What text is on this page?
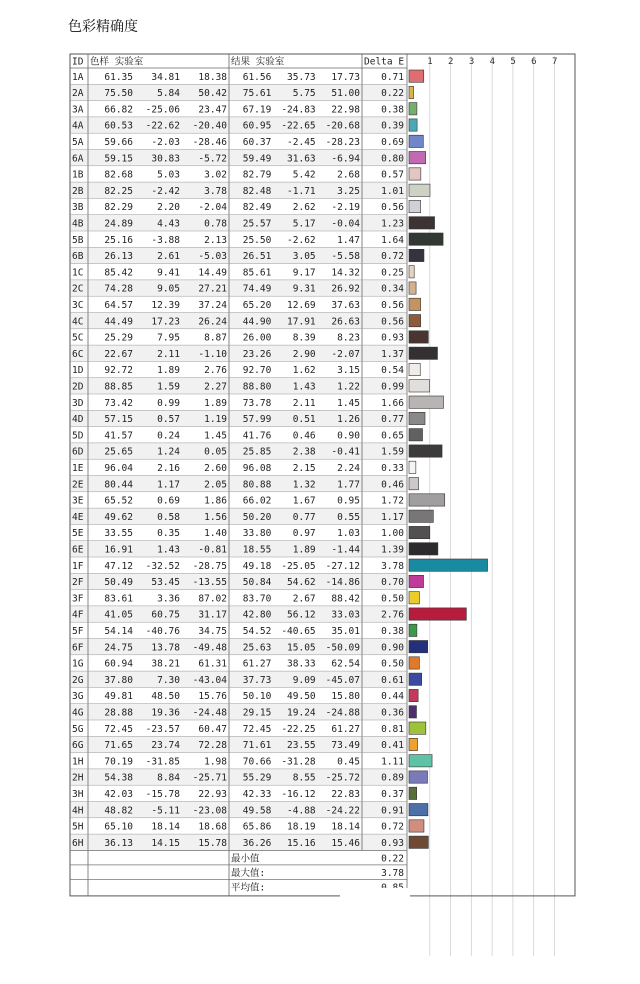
色彩精确度
ID 色样 实验室	结果 实验室	Delta E	1 2 3 4 5 6 7
1A 61.35 34.81 18.38 61.56 35.73 17.73 0.71
2A 75.50	5.84 50.42 75.61 5.75 51.00 0.22
3A 66.82 -25.06 23.47 67.19 -24.83 22.98 0.38
4A 60.53 -22.62 -20.40 60.95 -22.65 -20.68 0.39
5A 59.66 -2.03 -28.46 60.37 -2.45 -28.23 0.69
6A 59.15 30.83 -5.72 59.49 31.63 -6.94 0.80
1B 82.68	5.03	3.02 82.79 5.42 2.68 0.57
2B 82.25 -2.42	3.78 82.48 -1.71 3.25 1.01
3B 82.29	2.20 -2.04 82.49 2.62 -2.19 0.56
4B 24.89	4.43	0.78 25.57 5.17 -0.04 1.23
5B 25.16 -3.88	2.13 25.50 -2.62 1.47 1.64
6B 26.13	2.61 -5.03 26.51 3.05 -5.58 0.72
1C 85.42	9.41 14.49 85.61 9.17 14.32 0.25
2C 74.28	9.05 27.21 74.49 9.31 26.92 0.34
3C 64.57 12.39 37.24 65.20 12.69 37.63 0.56
4C 44.49 17.23 26.24 44.90 17.91 26.63 0.56
5C 25.29	7.95	8.87 26.00 8.39 8.23 0.93
6C 22.67	2.11 -1.10 23.26 2.90 -2.07 1.37
1D 92.72	1.89	2.76 92.70 1.62 3.15 0.54
2D 88.85	1.59	2.27 88.80 1.43 1.22 0.99
3D 73.42	0.99	1.89 73.78 2.11 1.45 1.66
4D 57.15	0.57	1.19 57.99 0.51 1.26 0.77
5D 41.57	0.24	1.45 41.76 0.46 0.90 0.65
6D 25.65	1.24	0.05 25.85 2.38 -0.41 1.59
1E 96.04	2.16	2.60 96.08 2.15 2.24 0.33
2E 80.44	1.17	2.05 80.88 1.32 1.77 0.46
3E 65.52	0.69	1.86 66.02 1.67 0.95 1.72
4E 49.62	0.58	1.56 50.20 0.77 0.55 1.17
5E 33.55	0.35	1.40 33.80 0.97 1.03 1.00
6E 16.91	1.43 -0.81 18.55 1.89 -1.44 1.39
1F 47.12 -32.52 -28.75 49.18 -25.05 -27.12 3.78
2F 50.49 53.45 -13.55 50.84 54.62 -14.86 0.70
3F 83.61	3.36 87.02 83.70 2.67 88.42 0.50
4F 41.05 60.75 31.17 42.80 56.12 33.03 2.76
5F 54.14 -40.76 34.75 54.52 -40.65 35.01 0.38
6F 24.75 13.78 -49.48 25.63 15.05 -50.09 0.90
1G 60.94 38.21 61.31 61.27 38.33 62.54 0.50
2G 37.80	7.30 -43.04 37.73 9.09 -45.07 0.61
3G 49.81 48.50 15.76 50.10 49.50 15.80 0.44
4G 28.88 19.36 -24.48 29.15 19.24 -24.88 0.36
5G 72.45 -23.57 60.47 72.45 -22.25 61.27 0.81
6G 71.65 23.74 72.28 71.61 23.55 73.49 0.41
1H 70.19 -31.85	1.98 70.66 -31.28 0.45 1.11
2H 54.38	8.84 -25.71 55.29 8.55 -25.72 0.89
3H 42.03 -15.78 22.93 42.33 -16.12 22.83 0.37
4H 48.82 -5.11 -23.08 49.58 -4.88 -24.22 0.91
5H 65.10 18.14 18.68 65.86 18.19 18.14 0.72
6H 36.13 14.15 15.78 36.26 15.16 15.46 0.93
最小值	0.22
最大值:	3.78
平均值:
